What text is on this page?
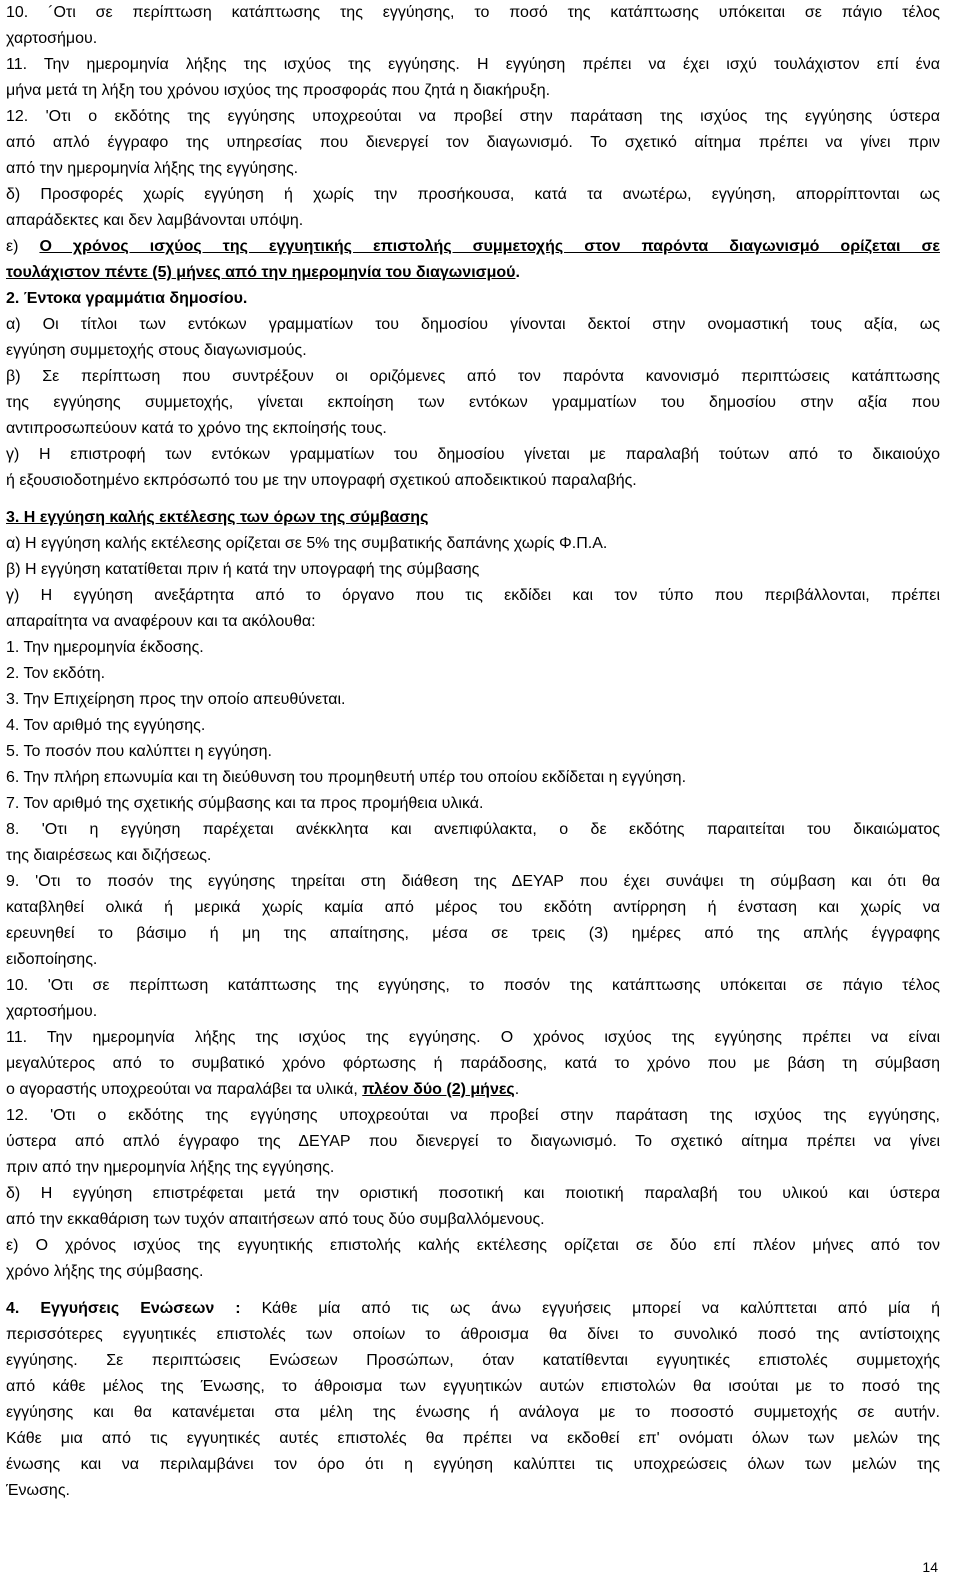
14
10. ´Οτι σε περίπτωση κατάπτωσης της εγγύησης, το ποσό της κατάπτωσης υπόκειται σε πάγιο τέλος
χαρτοσήμου.
11. Την ημερομηνία λήξης της ισχύος της εγγύησης. Η εγγύηση πρέπει να έχει ισχύ τουλάχιστον επί ένα
μήνα μετά τη λήξη του χρόνου ισχύος της προσφοράς που ζητά η διακήρυξη.
12. 'Οτι ο εκδότης της εγγύησης υποχρεούται να προβεί στην παράταση της ισχύος της εγγύησης ύστερα
από απλό έγγραφο της υπηρεσίας που διενεργεί τον διαγωνισμό. Το σχετικό αίτημα πρέπει να γίνει πριν
από την ημερομηνία λήξης της εγγύησης.
δ) Προσφορές χωρίς εγγύηση ή χωρίς την προσήκουσα, κατά τα ανωτέρω, εγγύηση, απορρίπτονται ως
απαράδεκτες και δεν λαμβάνονται υπόψη.
ε) Ο χρόνος ισχύος της εγγυητικής επιστολής συμμετοχής στον παρόντα διαγωνισμό ορίζεται σε
τουλάχιστον πέντε (5) μήνες από την ημερομηνία του διαγωνισμού.
2. Έντοκα γραμμάτια δημοσίου.
α) Οι τίτλοι των εντόκων γραμματίων του δημοσίου γίνονται δεκτοί στην ονομαστική τους αξία, ως
εγγύηση συμμετοχής στους διαγωνισμούς.
β) Σε περίπτωση που συντρέξουν οι οριζόμενες από τον παρόντα κανονισμό περιπτώσεις κατάπτωσης
της εγγύησης συμμετοχής, γίνεται εκποίηση των εντόκων γραμματίων του δημοσίου στην αξία που
αντιπροσωπεύουν κατά το χρόνο της εκποίησής τους.
γ) Η επιστροφή των εντόκων γραμματίων του δημοσίου γίνεται με παραλαβή τούτων από το δικαιούχο
ή εξουσιοδοτημένο εκπρόσωπό του με την υπογραφή σχετικού αποδεικτικού παραλαβής.
3. Η εγγύηση καλής εκτέλεσης των όρων της σύμβασης
α) Η εγγύηση καλής εκτέλεσης ορίζεται σε 5% της συμβατικής δαπάνης χωρίς Φ.Π.Α.
β) Η εγγύηση κατατίθεται πριν ή κατά την υπογραφή της σύμβασης
γ) Η εγγύηση ανεξάρτητα από το όργανο που τις εκδίδει και τον τύπο που περιβάλλονται, πρέπει
απαραίτητα να αναφέρουν και τα ακόλουθα:
1. Την ημερομηνία έκδοσης.
2. Τον εκδότη.
3. Την Επιχείρηση προς την οποίο απευθύνεται.
4. Τον αριθμό της εγγύησης.
5. Το ποσόν που καλύπτει η εγγύηση.
6. Την πλήρη επωνυμία και τη διεύθυνση του προμηθευτή υπέρ του οποίου εκδίδεται η εγγύηση.
7. Τον αριθμό της σχετικής σύμβασης και τα προς προμήθεια υλικά.
8. 'Οτι η εγγύηση παρέχεται ανέκκλητα και ανεπιφύλακτα, ο δε εκδότης παραιτείται του δικαιώματος
της διαιρέσεως και διζήσεως.
9. 'Οτι το ποσόν της εγγύησης τηρείται στη διάθεση της ΔΕΥΑΡ που έχει συνάψει τη σύμβαση και ότι θα
καταβληθεί ολικά ή μερικά χωρίς καμία από μέρος του εκδότη αντίρρηση ή ένσταση και χωρίς να
ερευνηθεί το βάσιμο ή μη της απαίτησης, μέσα σε τρεις (3) ημέρες από της απλής έγγραφης
ειδοποίησης.
10. 'Οτι σε περίπτωση κατάπτωσης της εγγύησης, το ποσόν της κατάπτωσης υπόκειται σε πάγιο τέλος
χαρτοσήμου.
11. Την ημερομηνία λήξης της ισχύος της εγγύησης. Ο χρόνος ισχύος της εγγύησης πρέπει να είναι
μεγαλύτερος από το συμβατικό χρόνο φόρτωσης ή παράδοσης, κατά το χρόνο που με βάση τη σύμβαση
ο αγοραστής υποχρεούται να παραλάβει τα υλικά, πλέον δύο (2) μήνες.
12. 'Οτι ο εκδότης της εγγύησης υποχρεούται να προβεί στην παράταση της ισχύος της εγγύησης,
ύστερα από απλό έγγραφο της ΔΕΥΑΡ που διενεργεί το διαγωνισμό. Το σχετικό αίτημα πρέπει να γίνει
πριν από την ημερομηνία λήξης της εγγύησης.
δ) Η εγγύηση επιστρέφεται μετά την οριστική ποσοτική και ποιοτική παραλαβή του υλικού και ύστερα
από την εκκαθάριση των τυχόν απαιτήσεων από τους δύο συμβαλλόμενους.
ε) Ο χρόνος ισχύος της εγγυητικής επιστολής καλής εκτέλεσης ορίζεται σε δύο επί πλέον μήνες από τον
χρόνο λήξης της σύμβασης.
4. Εγγυήσεις Ενώσεων : Κάθε μία από τις ως άνω εγγυήσεις μπορεί να καλύπτεται από μία ή
περισσότερες εγγυητικές επιστολές των οποίων το άθροισμα θα δίνει το συνολικό ποσό της αντίστοιχης
εγγύησης. Σε περιπτώσεις Ενώσεων Προσώπων, όταν κατατίθενται εγγυητικές επιστολές συμμετοχής
από κάθε μέλος της Ένωσης, το άθροισμα των εγγυητικών αυτών επιστολών θα ισούται με το ποσό της
εγγύησης και θα κατανέμεται στα μέλη της ένωσης ή ανάλογα με το ποσοστό συμμετοχής σε αυτήν.
Κάθε μια από τις εγγυητικές αυτές επιστολές θα πρέπει να εκδοθεί επ' ονόματι όλων των μελών της
ένωσης και να περιλαμβάνει τον όρο ότι η εγγύηση καλύπτει τις υποχρεώσεις όλων των μελών της
Ένωσης.
